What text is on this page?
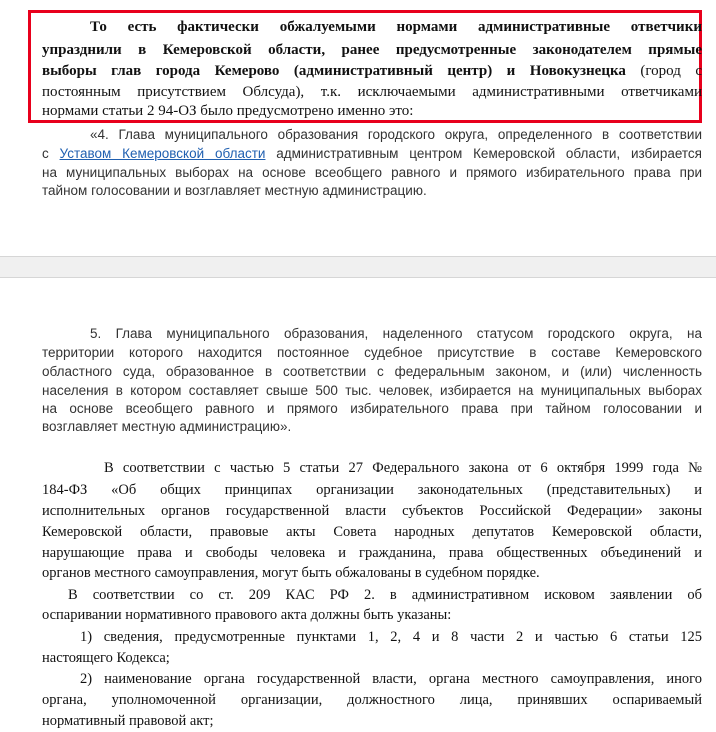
То есть фактически обжалуемыми нормами административные ответчики
упразднили в Кемеровской области, ранее предусмотренные законодателем прямые
выборы глав города Кемерово (административный центр) и Новокузнецка (город с
постоянным присутствием Облсуда), т.к. исключаемыми административными ответчиками
нормами статьи 2 94-ОЗ было предусмотрено именно это:
«4. Глава муниципального образования городского округа, определенного в соответствии
с Уставом Кемеровской области административным центром Кемеровской области, избирается
на муниципальных выборах на основе всеобщего равного и прямого избирательного права при
тайном голосовании и возглавляет местную администрацию.
5. Глава муниципального образования, наделенного статусом городского округа, на
территории которого находится постоянное судебное присутствие в составе Кемеровского
областного суда, образованное в соответствии с федеральным законом, и (или) численность
населения в котором составляет свыше 500 тыс. человек, избирается на муниципальных выборах
на основе всеобщего равного и прямого избирательного права при тайном голосовании и
возглавляет местную администрацию».
В соответствии с частью 5 статьи 27 Федерального закона от 6 октября 1999 года №
184-ФЗ «Об общих принципах организации законодательных (представительных) и
исполнительных органов государственной власти субъектов Российской Федерации» законы
Кемеровской области, правовые акты Совета народных депутатов Кемеровской области,
нарушающие права и свободы человека и гражданина, права общественных объединений и
органов местного самоуправления, могут быть обжалованы в судебном порядке.
В соответствии со ст. 209 КАС РФ 2. в административном исковом заявлении об
оспаривании нормативного правового акта должны быть указаны:
1) сведения, предусмотренные пунктами 1, 2, 4 и 8 части 2 и частью 6 статьи 125
настоящего Кодекса;
2) наименование органа государственной власти, органа местного самоуправления, иного
органа, уполномоченной организации, должностного лица, принявших оспариваемый
нормативный правовой акт;
